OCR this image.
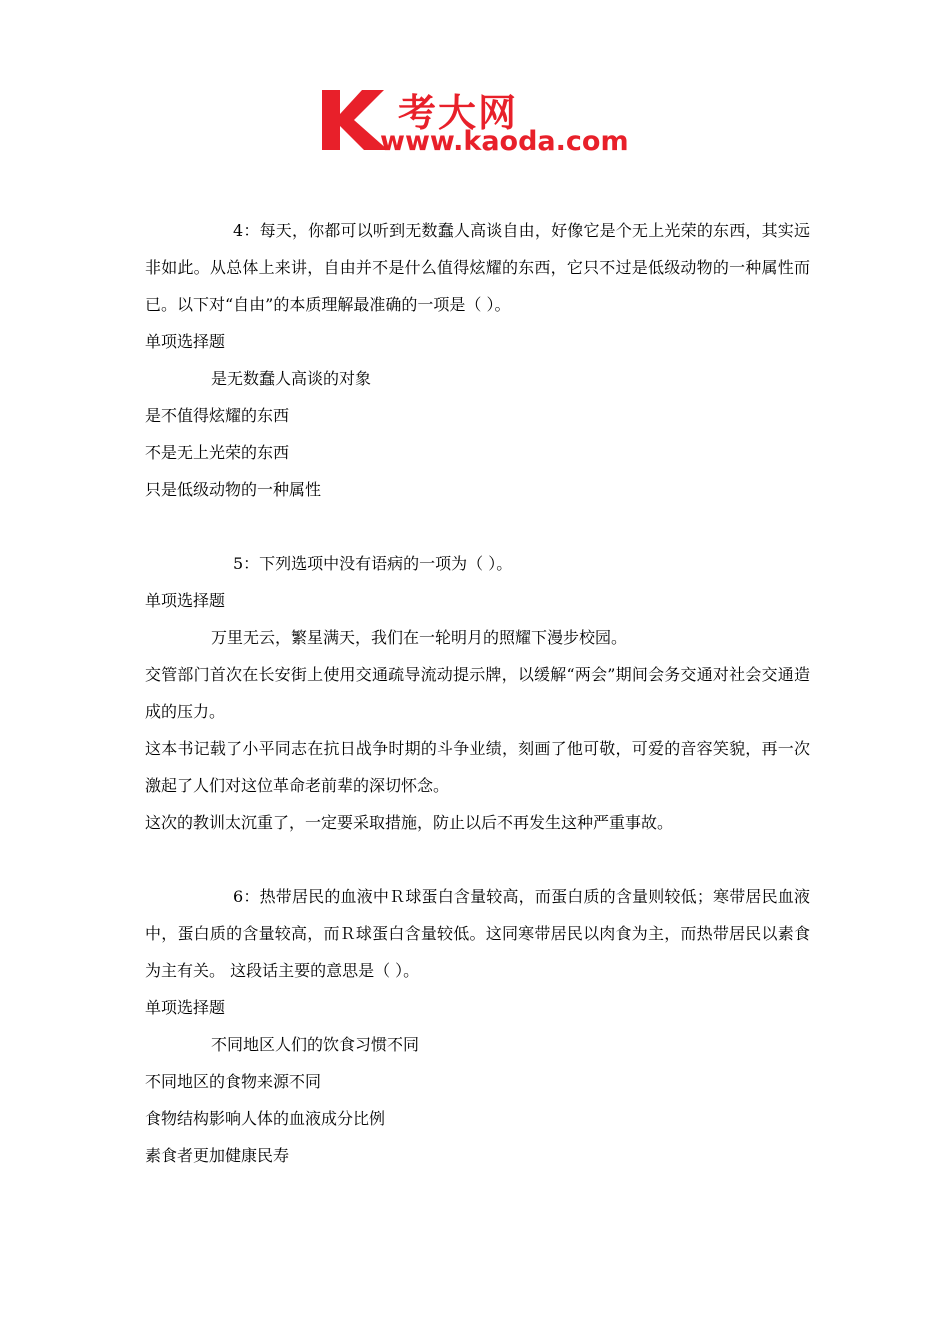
考大网
www.kaoda.com
4：每天，你都可以听到无数蠢人高谈自由，好像它是个无上光荣的东西，其实远非如此。从总体上来讲，自由并不是什么值得炫耀的东西，它只不过是低级动物的一种属性而已。以下对“自由”的本质理解最准确的一项是（ ）。
单项选择题
是无数蠢人高谈的对象
是不值得炫耀的东西
不是无上光荣的东西
只是低级动物的一种属性
5：下列选项中没有语病的一项为（ ）。
单项选择题
万里无云，繁星满天，我们在一轮明月的照耀下漫步校园。
交管部门首次在长安街上使用交通疏导流动提示牌，以缓解“两会”期间会务交通对社会交通造成的压力。
这本书记载了小平同志在抗日战争时期的斗争业绩，刻画了他可敬，可爱的音容笑貌，再一次激起了人们对这位革命老前辈的深切怀念。
这次的教训太沉重了，一定要采取措施，防止以后不再发生这种严重事故。
6：热带居民的血液中Ｒ球蛋白含量较高，而蛋白质的含量则较低；寒带居民血液中，蛋白质的含量较高，而Ｒ球蛋白含量较低。这同寒带居民以肉食为主，而热带居民以素食为主有关。 这段话主要的意思是（ ）。
单项选择题
不同地区人们的饮食习惯不同
不同地区的食物来源不同
食物结构影响人体的血液成分比例
素食者更加健康民寿
